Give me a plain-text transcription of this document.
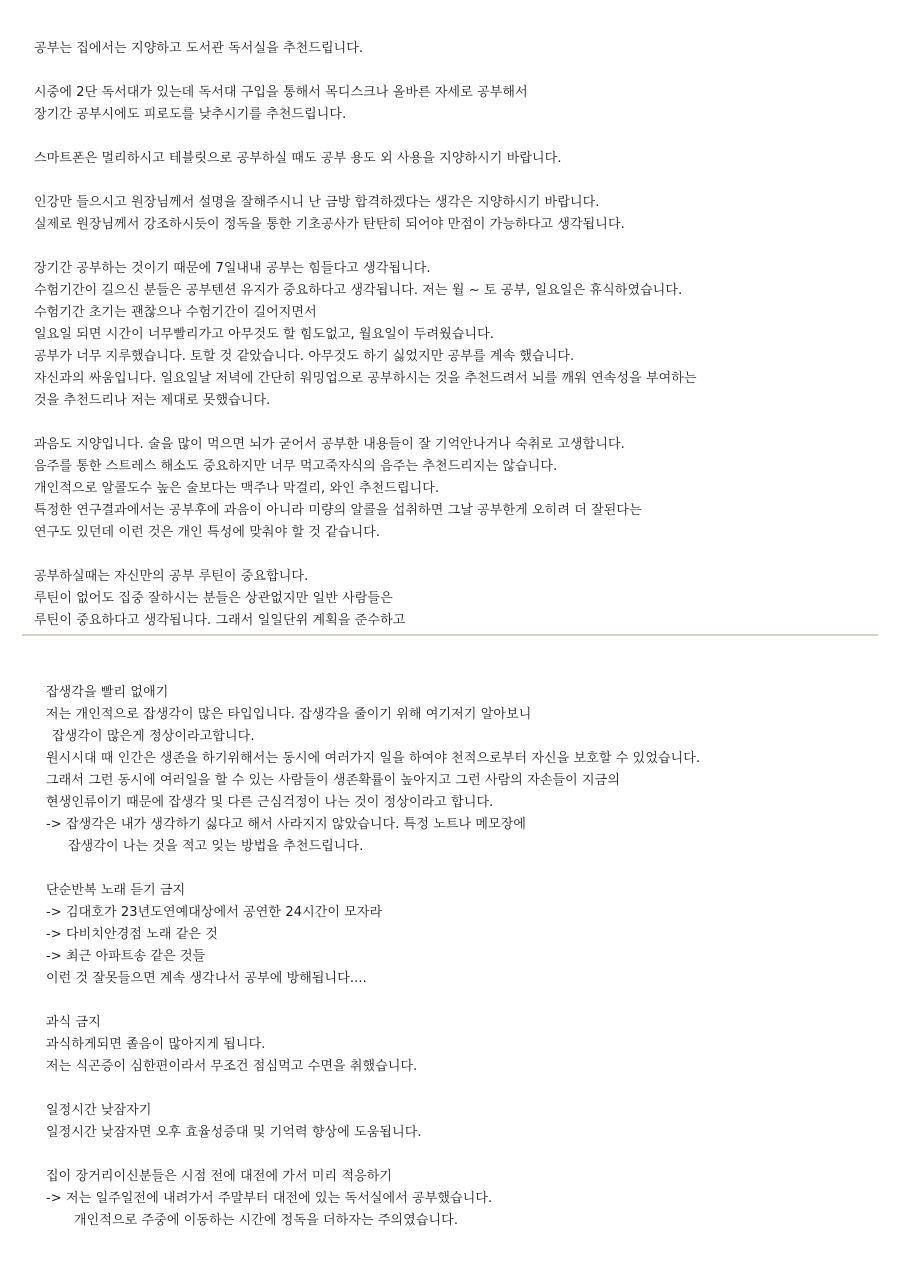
공부는 집에서는 지양하고 도서관 독서실을 추천드립니다.
시중에 2단 독서대가 있는데 독서대 구입을 통해서 목디스크나 올바른 자세로 공부해서
장기간 공부시에도 피로도를 낮추시기를 추천드립니다.
스마트폰은 멀리하시고 테블릿으로 공부하실 때도 공부 용도 외 사용을 지양하시기 바랍니다.
인강만 들으시고 원장님께서 설명을 잘해주시니 난 금방 합격하겠다는 생각은 지양하시기 바랍니다.
실제로 원장님께서 강조하시듯이 정독을 통한 기초공사가 탄탄히 되어야 만점이 가능하다고 생각됩니다.
장기간 공부하는 것이기 때문에 7일내내 공부는 힘들다고 생각됩니다.
수험기간이 길으신 분들은 공부텐션 유지가 중요하다고 생각됩니다. 저는 월 ~ 토 공부, 일요일은 휴식하였습니다.
수험기간 초기는 괜찮으나 수험기간이 길어지면서
일요일 되면 시간이 너무빨리가고 아무것도 할 힘도없고, 월요일이 두려웠습니다.
공부가 너무 지루했습니다. 토할 것 같았습니다. 아무것도 하기 싫었지만 공부를 계속 했습니다.
자신과의 싸움입니다. 일요일날 저녁에 간단히 워밍업으로 공부하시는 것을 추천드려서 뇌를 깨워 연속성을 부여하는
것을 추천드리나 저는 제대로 못했습니다.
과음도 지양입니다. 술을 많이 먹으면 뇌가 굳어서 공부한 내용들이 잘 기억안나거나 숙취로 고생합니다.
음주를 통한 스트레스 해소도 중요하지만 너무 먹고죽자식의 음주는 추천드리지는 않습니다.
개인적으로 알콜도수 높은 술보다는 맥주나 막걸리, 와인 추천드립니다.
특정한 연구결과에서는 공부후에 과음이 아니라 미량의 알콜을 섭취하면 그날 공부한게 오히려 더 잘된다는
연구도 있던데 이런 것은 개인 특성에 맞춰야 할 것 같습니다.
공부하실때는 자신만의 공부 루틴이 중요합니다.
루틴이 없어도 집중 잘하시는 분들은 상관없지만 일반 사람들은
루틴이 중요하다고 생각됩니다. 그래서 일일단위 계획을 준수하고
잡생각을 빨리 없애기
저는 개인적으로 잡생각이 많은 타입입니다. 잡생각을 줄이기 위해 여기저기 알아보니
잡생각이 많은게 정상이라고합니다.
원시시대 때 인간은 생존을 하기위해서는 동시에 여러가지 일을 하여야 천적으로부터 자신을 보호할 수 있었습니다.
그래서 그런 동시에 여러일을 할 수 있는 사람들이 생존확률이 높아지고 그런 사람의 자손들이 지금의
현생인류이기 때문에 잡생각 및 다른 근심걱정이 나는 것이 정상이라고 합니다.
-> 잡생각은 내가 생각하기 싫다고 해서 사라지지 않았습니다. 특정 노트나 메모장에
잡생각이 나는 것을 적고 잊는 방법을 추천드립니다.
단순반복 노래 듣기 금지
-> 김대호가 23년도연예대상에서 공연한 24시간이 모자라
-> 다비치안경점 노래 같은 것
-> 최근 아파트송 같은 것들
이런 것 잘못들으면 계속 생각나서 공부에 방해됩니다....
과식 금지
과식하게되면 졸음이 많아지게 됩니다.
저는 식곤증이 심한편이라서 무조건 점심먹고 수면을 취했습니다.
일정시간 낮잠자기
일정시간 낮잠자면 오후 효율성증대 및 기억력 향상에 도움됩니다.
집이 장거리이신분들은 시점 전에 대전에 가서 미리 적응하기
-> 저는 일주일전에 내려가서 주말부터 대전에 있는 독서실에서 공부했습니다.
개인적으로 주중에 이동하는 시간에 정독을 더하자는 주의였습니다.
